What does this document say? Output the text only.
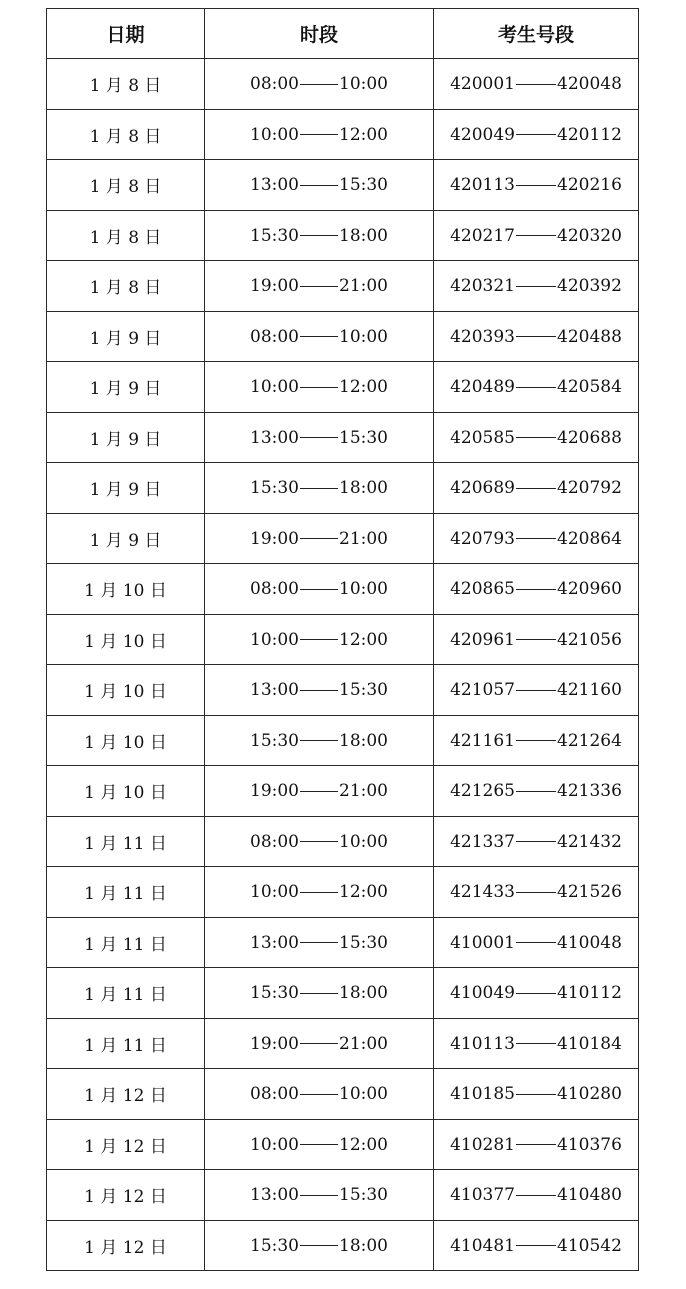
日期	时段	考生号段
1 月 8 日	08:00 10:00	420001 420048
1 月 8 日	10:00 12:00	420049 420112
1 月 8 日	13:00 15:30	420113 420216
1 月 8 日	15:30 18:00	420217 420320
1 月 8 日	19:00 21:00	420321 420392
1 月 9 日	08:00 10:00	420393 420488
1 月 9 日	10:00 12:00	420489 420584
1 月 9 日	13:00 15:30	420585 420688
1 月 9 日	15:30 18:00	420689 420792
1 月 9 日	19:00 21:00	420793 420864
1 月 10 日	08:00 10:00	420865 420960
1 月 10 日	10:00 12:00	420961 421056
1 月 10 日	13:00 15:30	421057 421160
1 月 10 日	15:30 18:00	421161 421264
1 月 10 日	19:00 21:00	421265 421336
1 月 11 日	08:00 10:00	421337 421432
1 月 11 日	10:00 12:00	421433 421526
1 月 11 日	13:00 15:30	410001 410048
1 月 11 日	15:30 18:00	410049 410112
1 月 11 日	19:00 21:00	410113 410184
1 月 12 日	08:00 10:00	410185 410280
1 月 12 日	10:00 12:00	410281 410376
1 月 12 日	13:00 15:30	410377 410480
1 月 12 日	15:30 18:00	410481 410542
